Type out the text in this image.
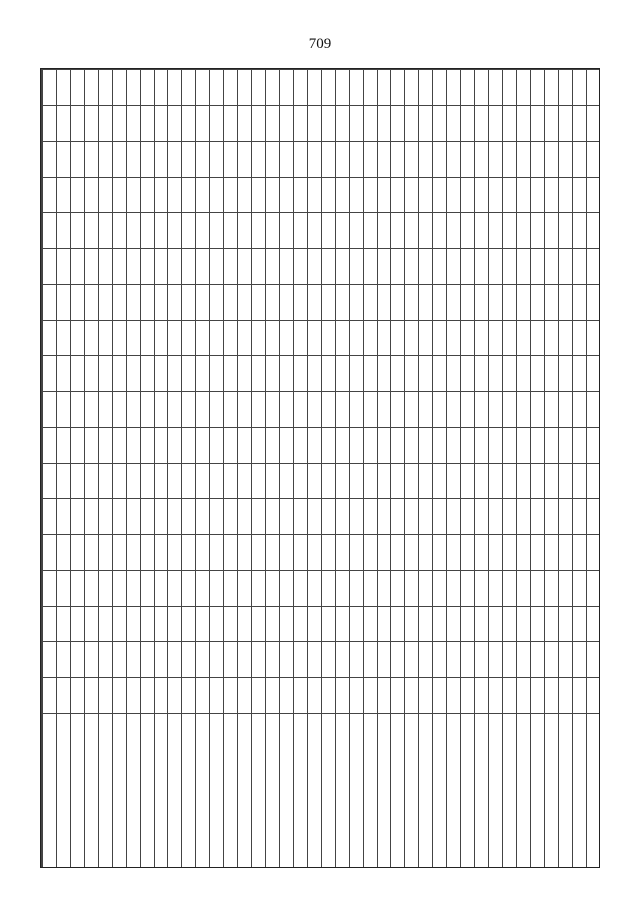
709
